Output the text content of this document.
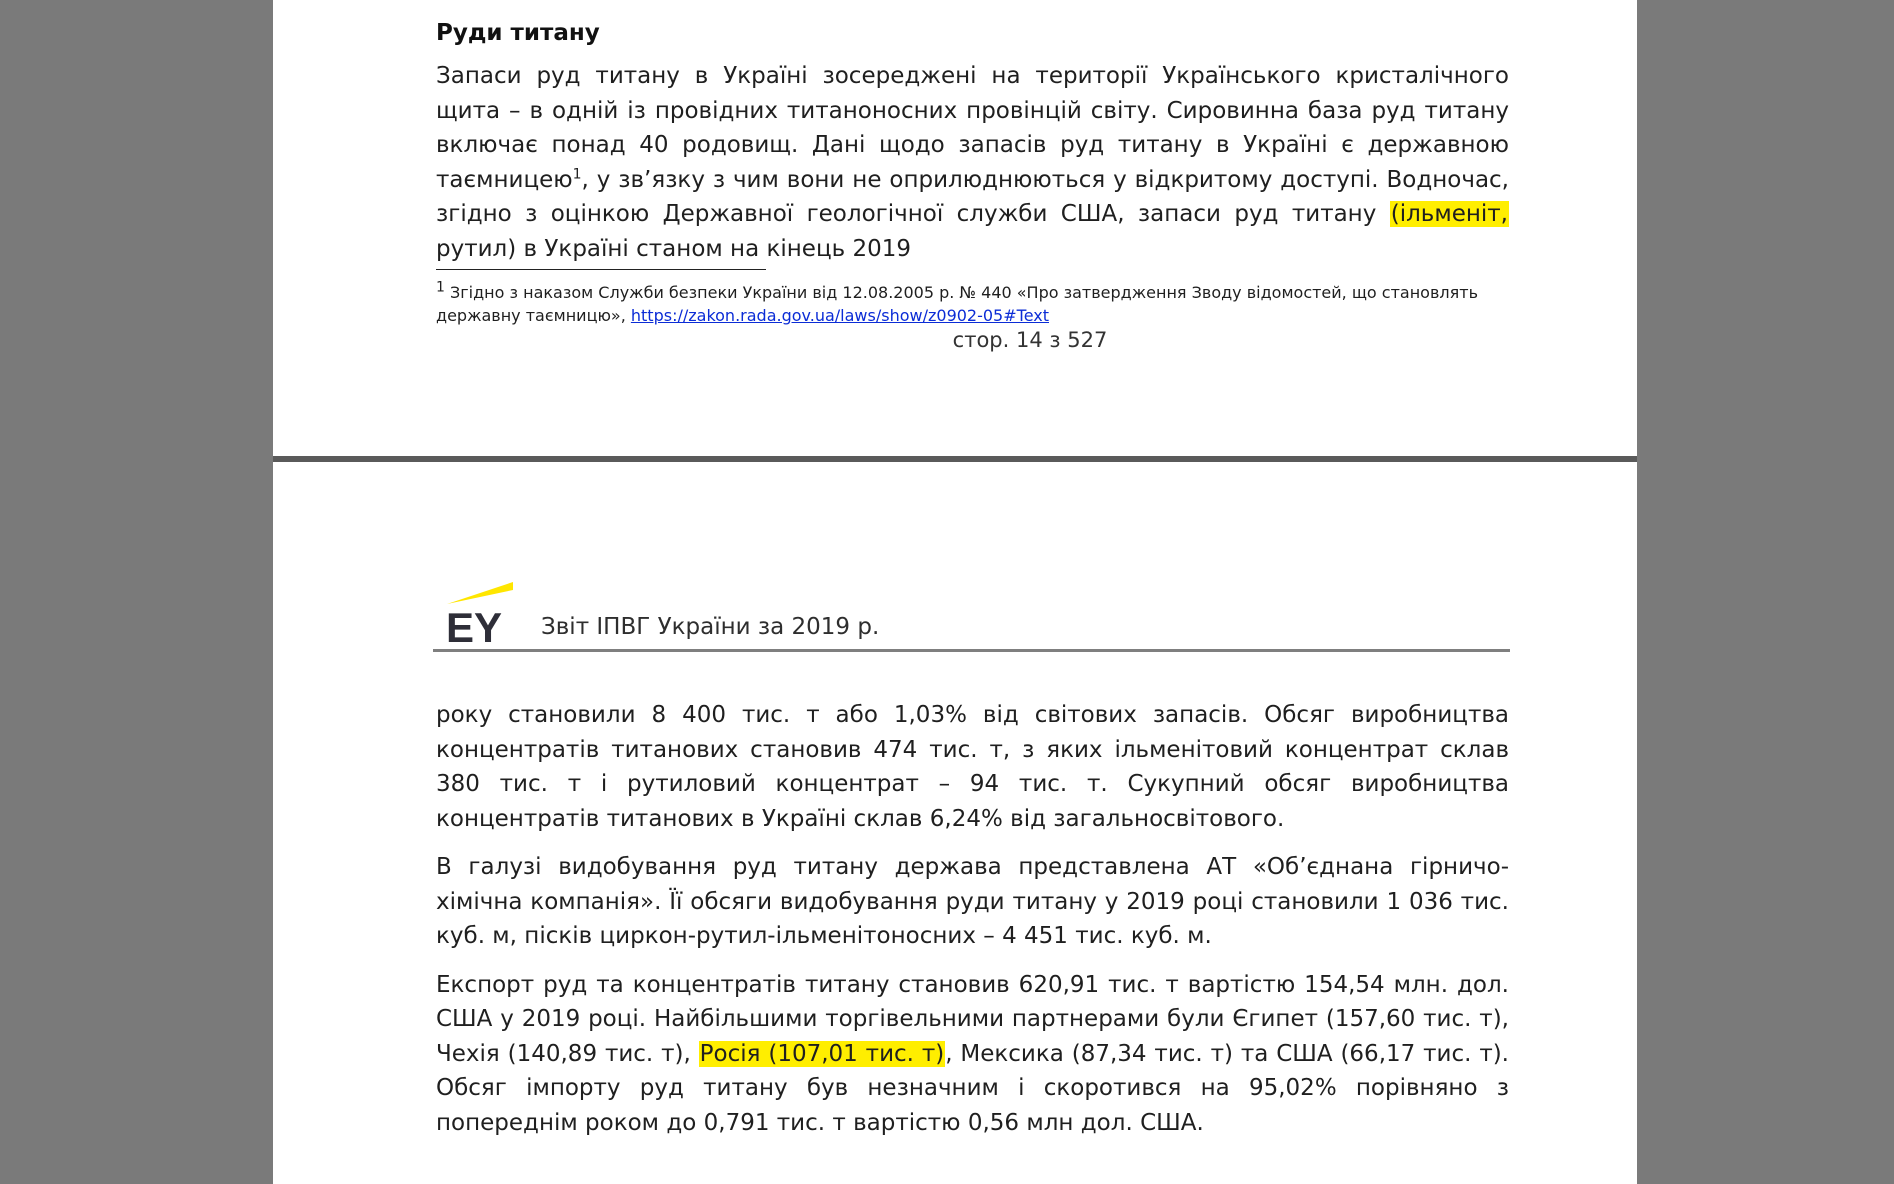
Руди титану

Запаси руд титану в Україні зосереджені на території Українського кристалічного щита – в одній із провідних титаноносних провінцій світу. Сировинна база руд титану включає понад 40 родовищ. Дані щодо запасів руд титану в Україні є державною таємницею$^1$, у зв’язку з чим вони не оприлюднюються у відкритому доступі. Водночас, згідно з оцінкою Державної геологічної служби США, запаси руд титану (ільменіт, рутил) в Україні станом на кінець 2019

$^1$ Згідно з наказом Служби безпеки України від 12.08.2005 р. № 440 «Про затвердження Зводу відомостей, що становлять державну таємницю», https://zakon.rada.gov.ua/laws/show/z0902-05#Text
стор. 14 з 527
EY Звіт ІПВГ України за 2019 р.

року становили 8 400 тис. т або 1,03% від світових запасів. Обсяг виробництва концентратів титанових становив 474 тис. т, з яких ільменітовий концентрат склав 380 тис. т і рутиловий концентрат – 94 тис. т. Сукупний обсяг виробництва концентратів титанових в Україні склав 6,24% від загальносвітового.

В галузі видобування руд титану держава представлена АТ «Об’єднана гірничо-хімічна компанія». Її обсяги видобування руди титану у 2019 році становили 1 036 тис. куб. м, пісків циркон-рутил-ільменітоносних – 4 451 тис. куб. м.

Експорт руд та концентратів титану становив 620,91 тис. т вартістю 154,54 млн. дол. США у 2019 році. Найбільшими торгівельними партнерами були Єгипет (157,60 тис. т), Чехія (140,89 тис. т), Росія (107,01 тис. т), Мексика (87,34 тис. т) та США (66,17 тис. т). Обсяг імпорту руд титану був незначним і скоротився на 95,02% порівняно з попереднім роком до 0,791 тис. т вартістю 0,56 млн дол. США.
